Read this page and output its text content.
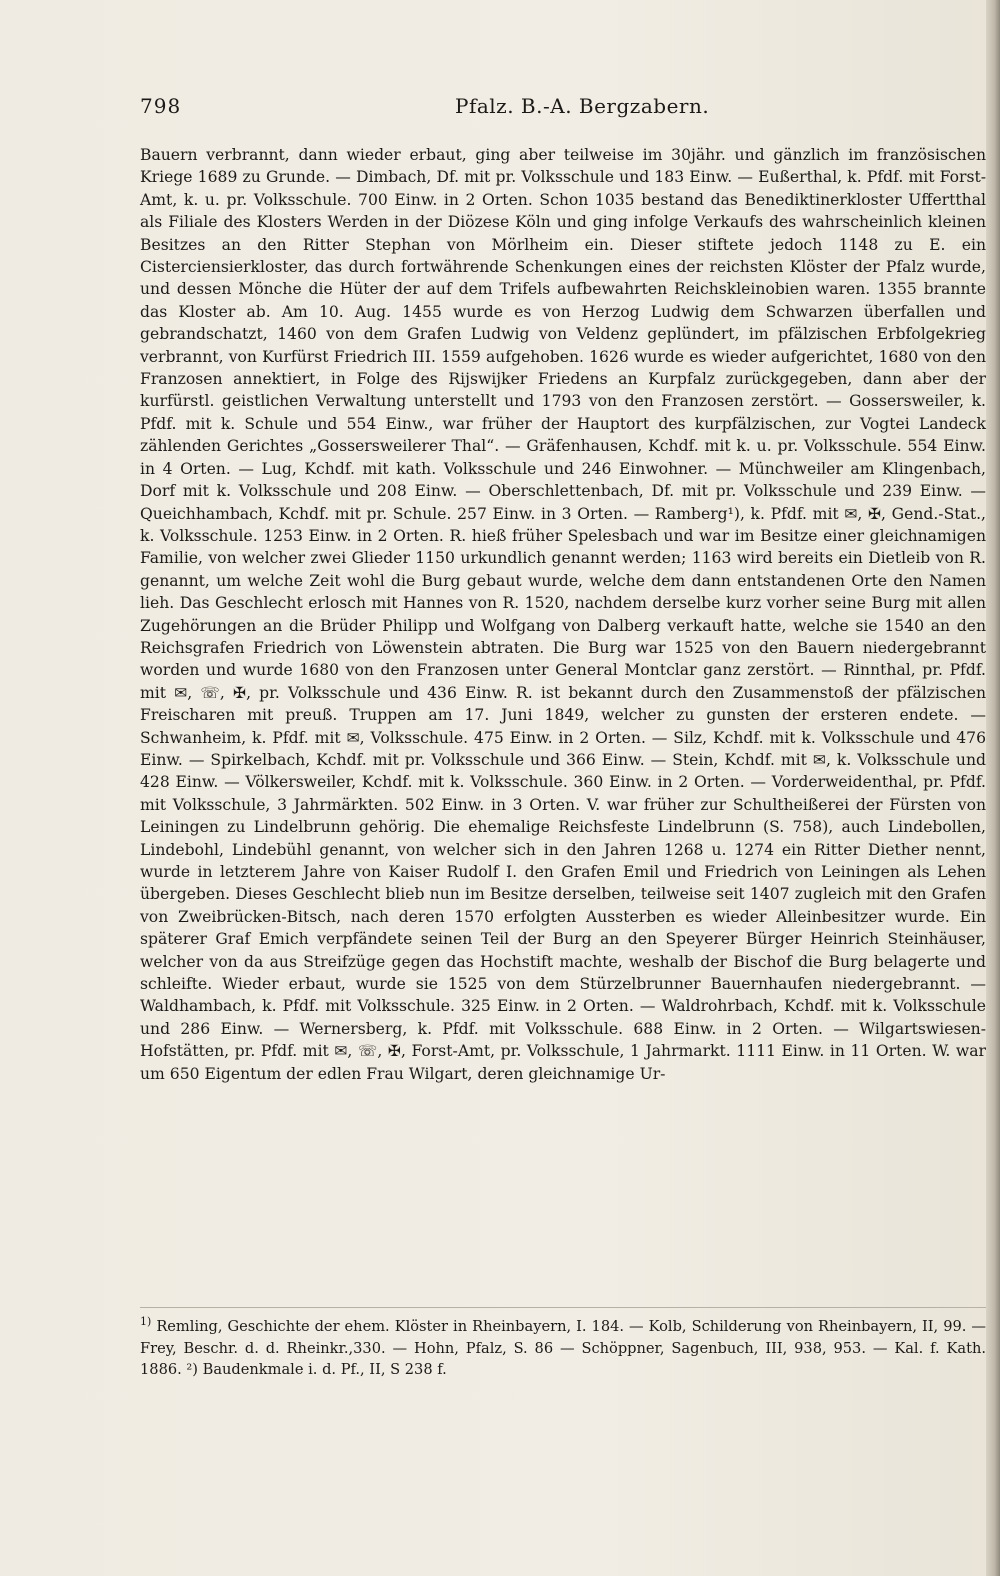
798	Pfalz. B.-A. Bergzabern.

Bauern verbrannt, dann wieder erbaut, ging aber teilweise im 30jähr. und gänzlich im französischen Kriege 1689 zu Grunde. — Dimbach, Df. mit pr. Volksschule und 183 Einw. — Eußerthal, k. Pfdf. mit Forst-Amt, k. u. pr. Volksschule. 700 Einw. in 2 Orten. Schon 1035 bestand das Benediktinerkloster Uffertthal als Filiale des Klosters Werden in der Diözese Köln und ging infolge Verkaufs des wahrscheinlich kleinen Besitzes an den Ritter Stephan von Mörlheim ein. Dieser stiftete jedoch 1148 zu E. ein Cisterciensierkloster, das durch fortwährende Schenkungen eines der reichsten Klöster der Pfalz wurde, und dessen Mönche die Hüter der auf dem Trifels aufbewahrten Reichskleinobien waren. 1355 brannte das Kloster ab. Am 10. Aug. 1455 wurde es von Herzog Ludwig dem Schwarzen überfallen und gebrandschatzt, 1460 von dem Grafen Ludwig von Veldenz geplündert, im pfälzischen Erbfolgekrieg verbrannt, von Kurfürst Friedrich III. 1559 aufgehoben. 1626 wurde es wieder aufgerichtet, 1680 von den Franzosen annektiert, in Folge des Rijswijker Friedens an Kurpfalz zurückgegeben, dann aber der kurfürstl. geistlichen Verwaltung unterstellt und 1793 von den Franzosen zerstört. — Gossersweiler, k. Pfdf. mit k. Schule und 554 Einw., war früher der Hauptort des kurpfälzischen, zur Vogtei Landeck zählenden Gerichtes „Gossersweilerer Thal“. — Gräfenhausen, Kchdf. mit k. u. pr. Volksschule. 554 Einw. in 4 Orten. — Lug, Kchdf. mit kath. Volksschule und 246 Einwohner. — Münchweiler am Klingenbach, Dorf mit k. Volksschule und 208 Einw. — Oberschlettenbach, Df. mit pr. Volksschule und 239 Einw. — Queichhambach, Kchdf. mit pr. Schule. 257 Einw. in 3 Orten. — Ramberg¹), k. Pfdf. mit ✉, ✠, Gend.-Stat., k. Volksschule. 1253 Einw. in 2 Orten. R. hieß früher Spelesbach und war im Besitze einer gleichnamigen Familie, von welcher zwei Glieder 1150 urkundlich genannt werden; 1163 wird bereits ein Dietleib von R. genannt, um welche Zeit wohl die Burg gebaut wurde, welche dem dann entstandenen Orte den Namen lieh. Das Geschlecht erlosch mit Hannes von R. 1520, nachdem derselbe kurz vorher seine Burg mit allen Zugehörungen an die Brüder Philipp und Wolfgang von Dalberg verkauft hatte, welche sie 1540 an den Reichsgrafen Friedrich von Löwenstein abtraten. Die Burg war 1525 von den Bauern niedergebrannt worden und wurde 1680 von den Franzosen unter General Montclar ganz zerstört. — Rinnthal, pr. Pfdf. mit ✉, ☏, ✠, pr. Volksschule und 436 Einw. R. ist bekannt durch den Zusammenstoß der pfälzischen Freischaren mit preuß. Truppen am 17. Juni 1849, welcher zu gunsten der ersteren endete. — Schwanheim, k. Pfdf. mit ✉, Volksschule. 475 Einw. in 2 Orten. — Silz, Kchdf. mit k. Volksschule und 476 Einw. — Spirkelbach, Kchdf. mit pr. Volksschule und 366 Einw. — Stein, Kchdf. mit ✉, k. Volksschule und 428 Einw. — Völkersweiler, Kchdf. mit k. Volksschule. 360 Einw. in 2 Orten. — Vorderweidenthal, pr. Pfdf. mit Volksschule, 3 Jahrmärkten. 502 Einw. in 3 Orten. V. war früher zur Schultheißerei der Fürsten von Leiningen zu Lindelbrunn gehörig. Die ehemalige Reichsfeste Lindelbrunn (S. 758), auch Lindebollen, Lindebohl, Lindebühl genannt, von welcher sich in den Jahren 1268 u. 1274 ein Ritter Diether nennt, wurde in letzterem Jahre von Kaiser Rudolf I. den Grafen Emil und Friedrich von Leiningen als Lehen übergeben. Dieses Geschlecht blieb nun im Besitze derselben, teilweise seit 1407 zugleich mit den Grafen von Zweibrücken-Bitsch, nach deren 1570 erfolgten Aussterben es wieder Alleinbesitzer wurde. Ein späterer Graf Emich verpfändete seinen Teil der Burg an den Speyerer Bürger Heinrich Steinhäuser, welcher von da aus Streifzüge gegen das Hochstift machte, weshalb der Bischof die Burg belagerte und schleifte. Wieder erbaut, wurde sie 1525 von dem Stürzelbrunner Bauernhaufen niedergebrannt. — Waldhambach, k. Pfdf. mit Volksschule. 325 Einw. in 2 Orten. — Waldrohrbach, Kchdf. mit k. Volksschule und 286 Einw. — Wernersberg, k. Pfdf. mit Volksschule. 688 Einw. in 2 Orten. — Wilgartswiesen-Hofstätten, pr. Pfdf. mit ✉, ☏, ✠, Forst-Amt, pr. Volksschule, 1 Jahrmarkt. 1111 Einw. in 11 Orten. W. war um 650 Eigentum der edlen Frau Wilgart, deren gleichnamige Ur-

$^{1)}$ Remling, Geschichte der ehem. Klöster in Rheinbayern, I. 184. — Kolb, Schilderung von Rheinbayern, II, 99. — Frey, Beschr. d. d. Rheinkr.,330. — Hohn, Pfalz, S. 86 — Schöppner, Sagenbuch, III, 938, 953. — Kal. f. Kath. 1886. ²) Baudenkmale i. d. Pf., II, S 238 f.
